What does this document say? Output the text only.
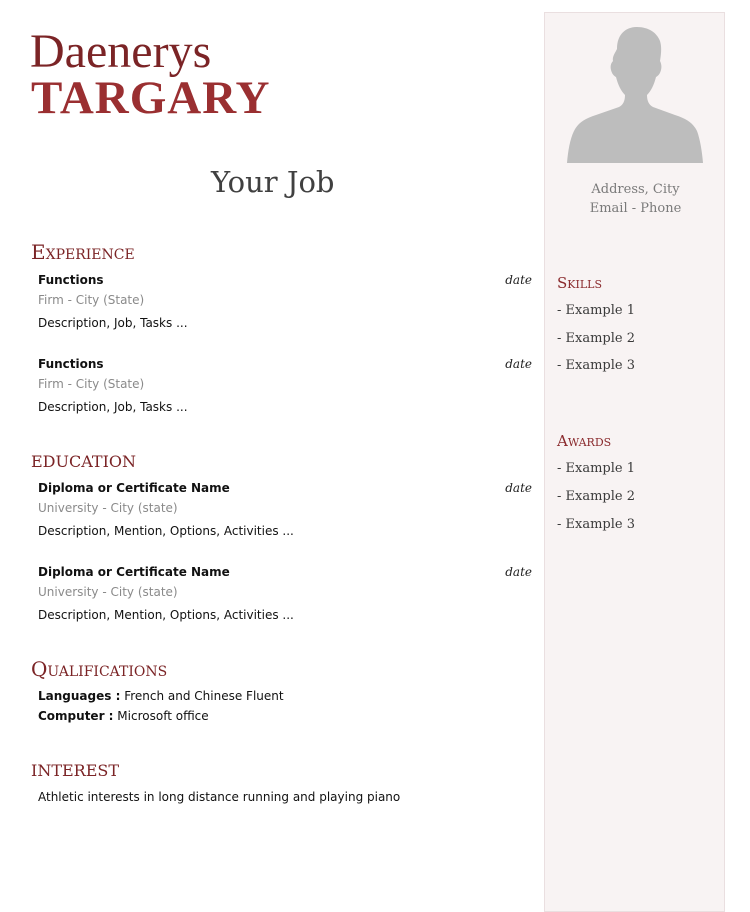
Daenerys
TARGARY
Your Job
Experience
Functions	date
Firm - City (State)
Description, Job, Tasks ...
Functions	date
Firm - City (State)
Description, Job, Tasks ...
EDUCATION
Diploma or Certificate Name	date
University - City (state)
Description, Mention, Options, Activities ...
Diploma or Certificate Name	date
University - City (state)
Description, Mention, Options, Activities ...
Qualifications
Languages : French and Chinese Fluent
Computer : Microsoft office
INTEREST
Athletic interests in long distance running and playing piano
Address, City
Email - Phone
Skills
- Example 1
- Example 2
- Example 3
Awards
- Example 1
- Example 2
- Example 3
